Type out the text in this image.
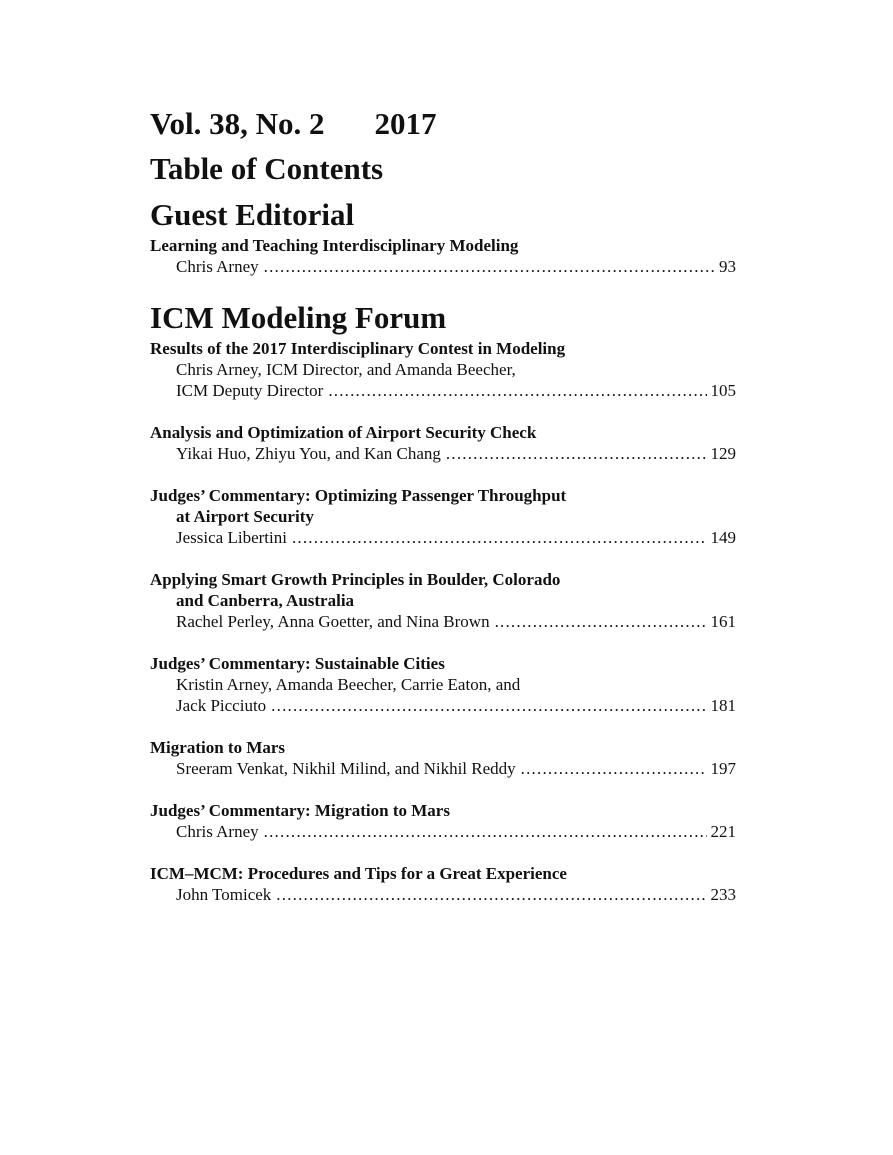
Vol. 38, No. 2 2017
Table of Contents
Guest Editorial
Learning and Teaching Interdisciplinary Modeling
Chris Arney .....	93
ICM Modeling Forum
Results of the 2017 Interdisciplinary Contest in Modeling
Chris Arney, ICM Director, and Amanda Beecher,
ICM Deputy Director .....	105
Analysis and Optimization of Airport Security Check
Yikai Huo, Zhiyu You, and Kan Chang .....	129
Judges’ Commentary: Optimizing Passenger Throughput
at Airport Security
Jessica Libertini .....	149
Applying Smart Growth Principles in Boulder, Colorado
and Canberra, Australia
Rachel Perley, Anna Goetter, and Nina Brown .....	161
Judges’ Commentary: Sustainable Cities
Kristin Arney, Amanda Beecher, Carrie Eaton, and
Jack Picciuto .....	181
Migration to Mars
Sreeram Venkat, Nikhil Milind, and Nikhil Reddy .....	197
Judges’ Commentary: Migration to Mars
Chris Arney .....	221
ICM–MCM: Procedures and Tips for a Great Experience
John Tomicek .....	233
